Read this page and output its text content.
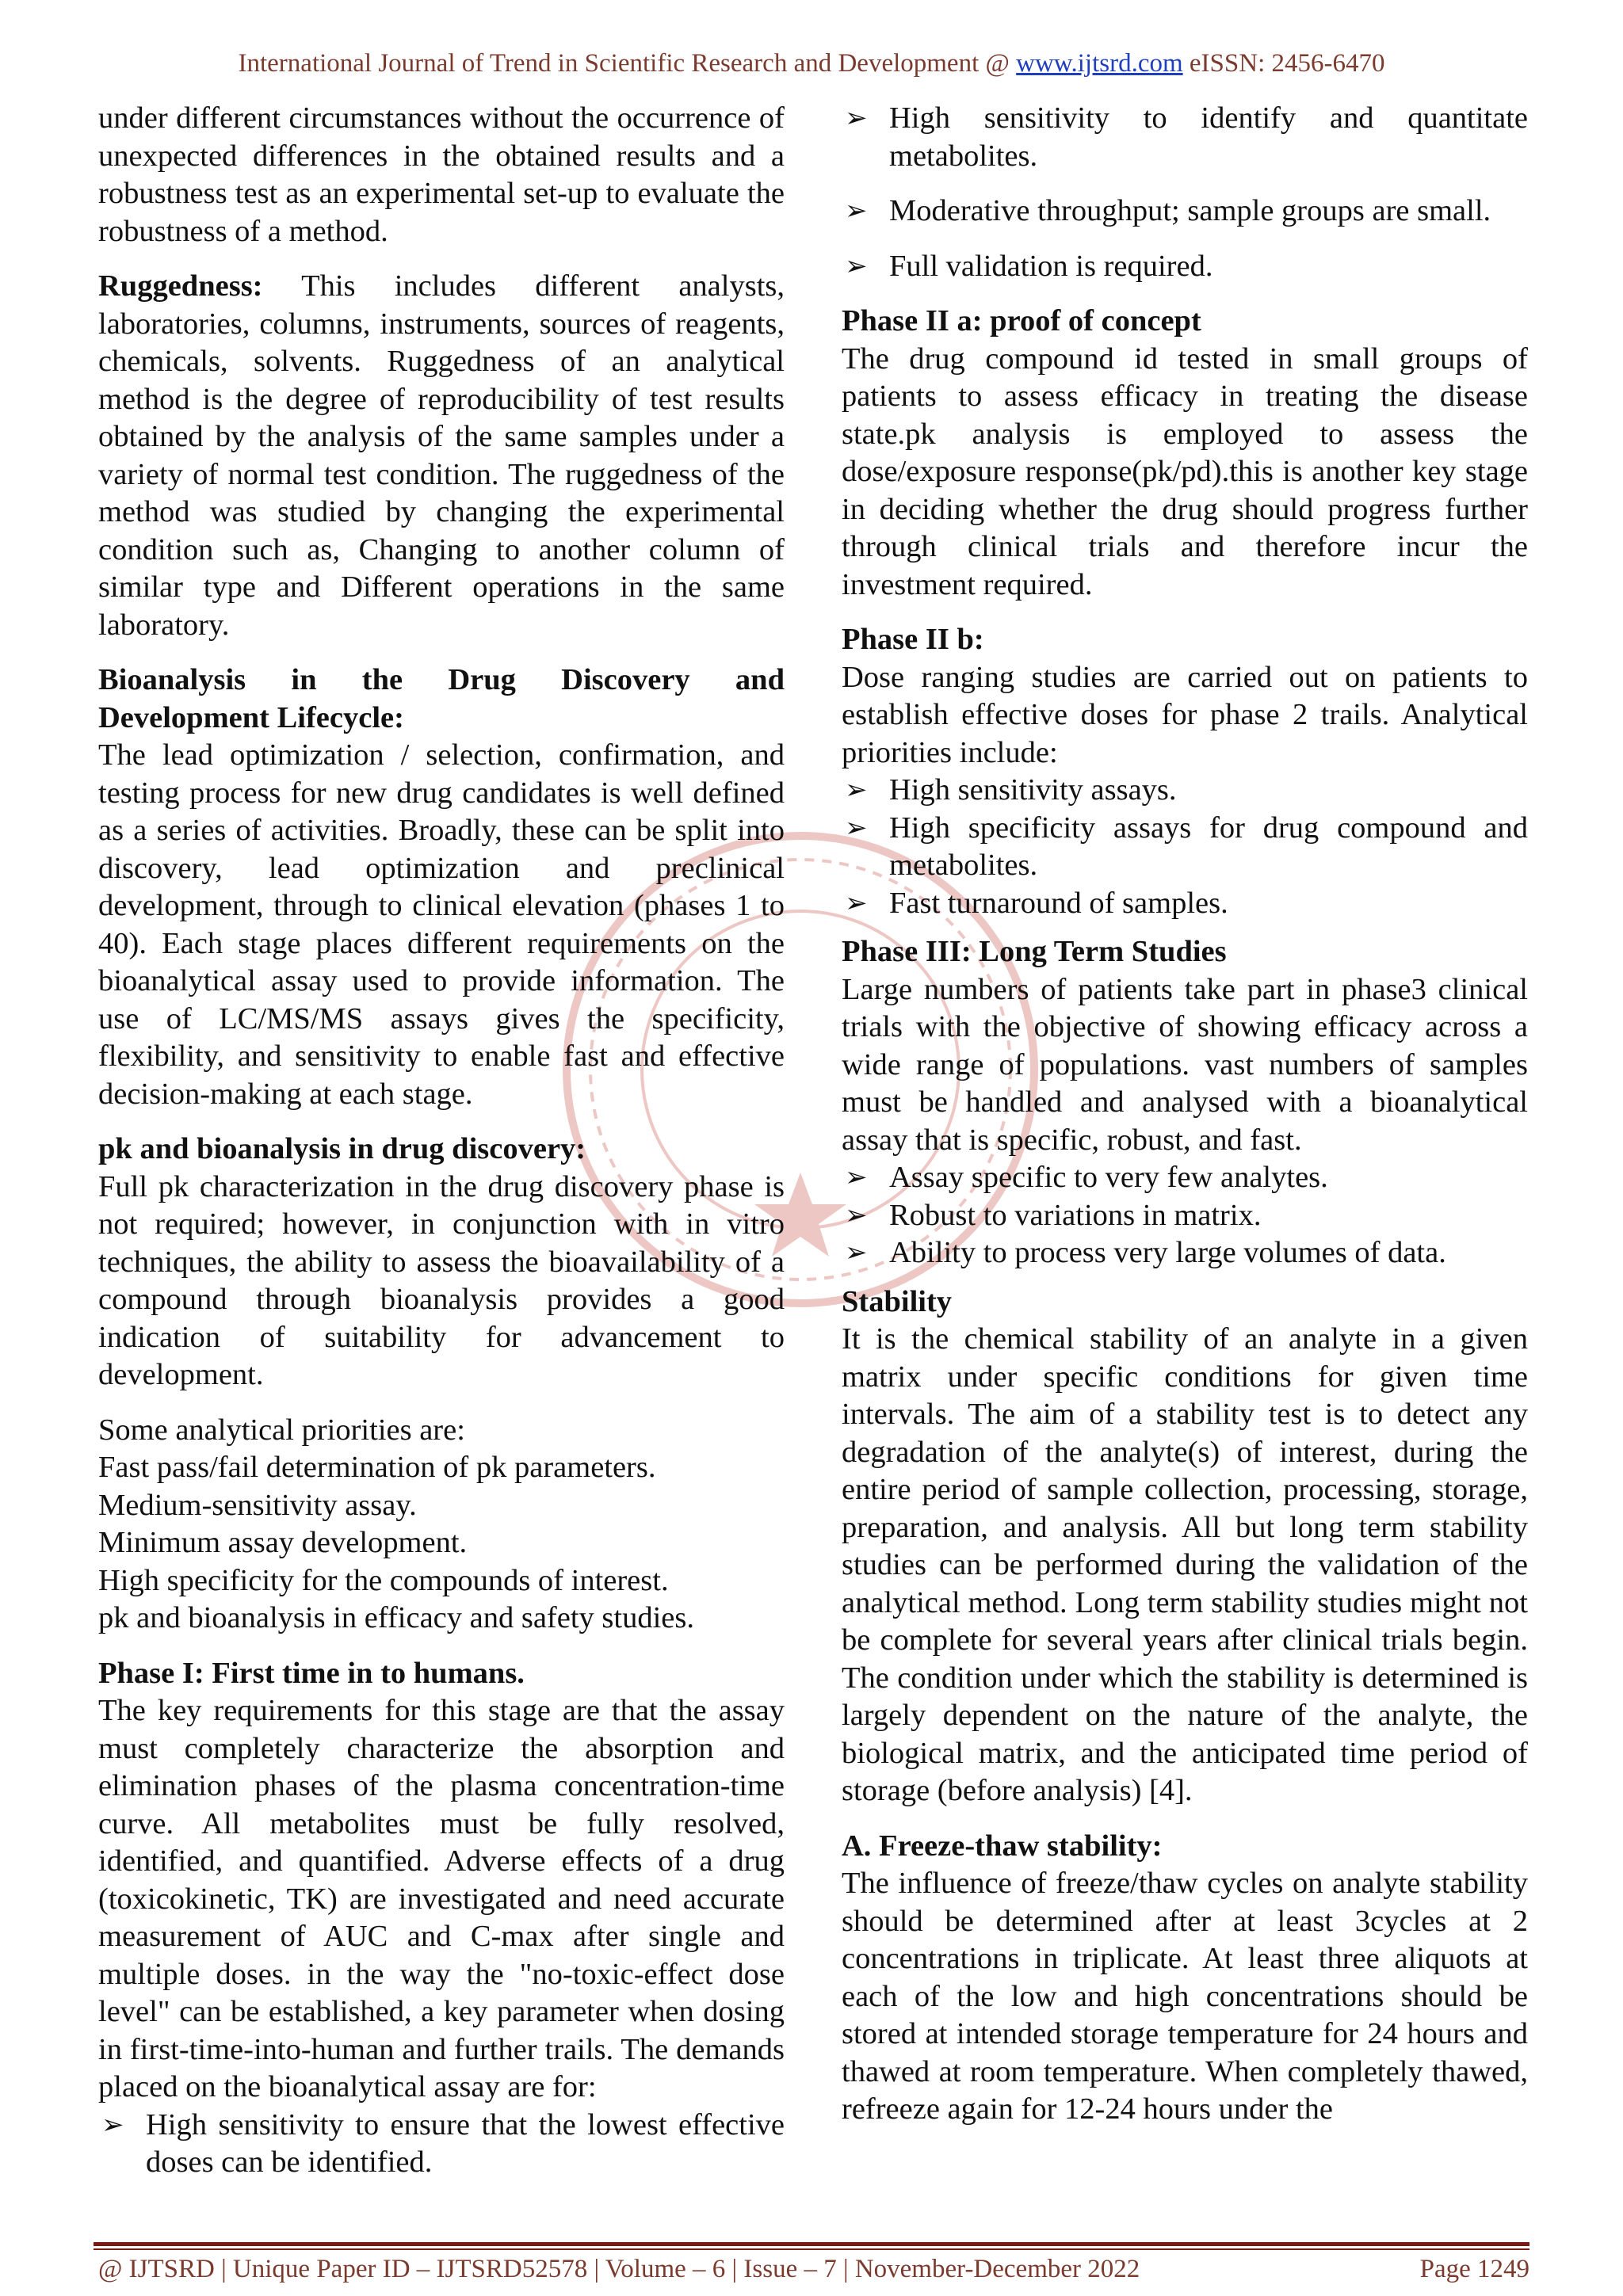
International Journal of Trend in Scientific Research and Development @ www.ijtsrd.com eISSN: 2456-6470

under different circumstances without the occurrence of unexpected differences in the obtained results and a robustness test as an experimental set-up to evaluate the robustness of a method.

Ruggedness: This includes different analysts, laboratories, columns, instruments, sources of reagents, chemicals, solvents. Ruggedness of an analytical method is the degree of reproducibility of test results obtained by the analysis of the same samples under a variety of normal test condition. The ruggedness of the method was studied by changing the experimental condition such as, Changing to another column of similar type and Different operations in the same laboratory.

Bioanalysis in the Drug Discovery and
Development Lifecycle:

The lead optimization / selection, confirmation, and testing process for new drug candidates is well defined as a series of activities. Broadly, these can be split into discovery, lead optimization and preclinical development, through to clinical elevation (phases 1 to 40). Each stage places different requirements on the bioanalytical assay used to provide information. The use of LC/MS/MS assays gives the specificity, flexibility, and sensitivity to enable fast and effective decision-making at each stage.

pk and bioanalysis in drug discovery:

Full pk characterization in the drug discovery phase is not required; however, in conjunction with in vitro techniques, the ability to assess the bioavailability of a compound through bioanalysis provides a good indication of suitability for advancement to development.

Some analytical priorities are:
Fast pass/fail determination of pk parameters.
Medium-sensitivity assay.
Minimum assay development.
High specificity for the compounds of interest.
pk and bioanalysis in efficacy and safety studies.
Phase I: First time in to humans.

The key requirements for this stage are that the assay must completely characterize the absorption and elimination phases of the plasma concentration-time curve. All metabolites must be fully resolved, identified, and quantified. Adverse effects of a drug (toxicokinetic, TK) are investigated and need accurate measurement of AUC and C-max after single and multiple doses. in the way the "no-toxic-effect dose level" can be established, a key parameter when dosing in first-time-into-human and further trails. The demands placed on the bioanalytical assay are for:

➢ High sensitivity to ensure that the lowest effective doses can be identified.
➢ High sensitivity to identify and quantitate metabolites.
➢ Moderative throughput; sample groups are small.
➢ Full validation is required.
Phase II a: proof of concept

The drug compound id tested in small groups of patients to assess efficacy in treating the disease state.pk analysis is employed to assess the dose/exposure response(pk/pd).this is another key stage in deciding whether the drug should progress further through clinical trials and therefore incur the investment required.

Phase II b:

Dose ranging studies are carried out on patients to establish effective doses for phase 2 trails. Analytical priorities include:

➢ High sensitivity assays.
➢ High specificity assays for drug compound and metabolites.
➢ Fast turnaround of samples.
Phase III: Long Term Studies

Large numbers of patients take part in phase3 clinical trials with the objective of showing efficacy across a wide range of populations. vast numbers of samples must be handled and analysed with a bioanalytical assay that is specific, robust, and fast.

➢ Assay specific to very few analytes.
➢ Robust to variations in matrix.
➢ Ability to process very large volumes of data.
Stability

It is the chemical stability of an analyte in a given matrix under specific conditions for given time intervals. The aim of a stability test is to detect any degradation of the analyte(s) of interest, during the entire period of sample collection, processing, storage, preparation, and analysis. All but long term stability studies can be performed during the validation of the analytical method. Long term stability studies might not be complete for several years after clinical trials begin. The condition under which the stability is determined is largely dependent on the nature of the analyte, the biological matrix, and the anticipated time period of storage (before analysis) [4].

A. Freeze-thaw stability:

The influence of freeze/thaw cycles on analyte stability should be determined after at least 3cycles at 2 concentrations in triplicate. At least three aliquots at each of the low and high concentrations should be stored at intended storage temperature for 24 hours and thawed at room temperature. When completely thawed, refreeze again for 12-24 hours under the

@ IJTSRD | Unique Paper ID – IJTSRD52578 | Volume – 6 | Issue – 7 | November-December 2022	Page 1249
